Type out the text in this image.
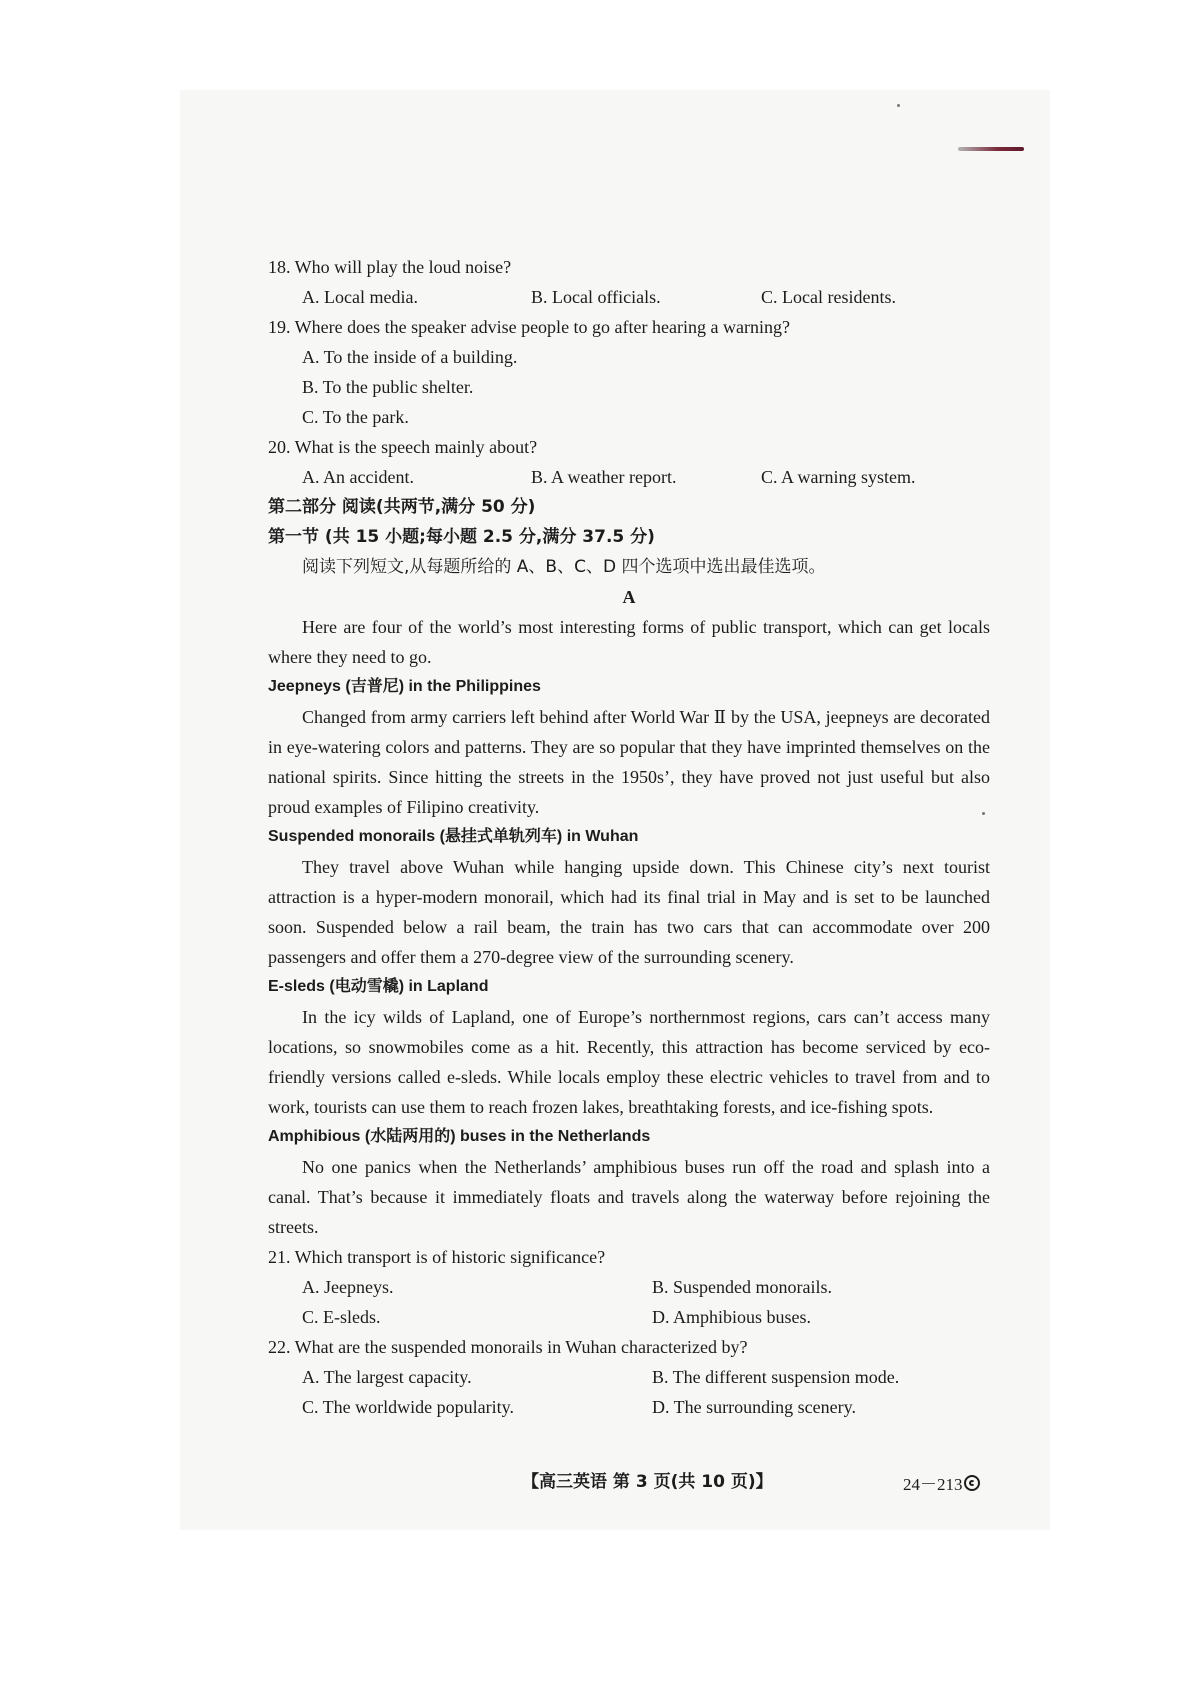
18. Who will play the loud noise?
A. Local media.	B. Local officials.	C. Local residents.
19. Where does the speaker advise people to go after hearing a warning?
A. To the inside of a building.
B. To the public shelter.
C. To the park.
20. What is the speech mainly about?
A. An accident.	B. A weather report.	C. A warning system.
第二部分 阅读(共两节,满分 50 分)
第一节 (共 15 小题;每小题 2.5 分,满分 37.5 分)
阅读下列短文,从每题所给的 A、B、C、D 四个选项中选出最佳选项。
A

Here are four of the world’s most interesting forms of public transport, which can get locals where they need to go.

Jeepneys (吉普尼) in the Philippines

Changed from army carriers left behind after World War Ⅱ by the USA, jeepneys are decorated in eye-watering colors and patterns. They are so popular that they have imprinted themselves on the national spirits. Since hitting the streets in the 1950s’, they have proved not just useful but also proud examples of Filipino creativity.

Suspended monorails (悬挂式单轨列车) in Wuhan

They travel above Wuhan while hanging upside down. This Chinese city’s next tourist attraction is a hyper-modern monorail, which had its final trial in May and is set to be launched soon. Suspended below a rail beam, the train has two cars that can accommodate over 200 passengers and offer them a 270-degree view of the surrounding scenery.

E-sleds (电动雪橇) in Lapland

In the icy wilds of Lapland, one of Europe’s northernmost regions, cars can’t access many locations, so snowmobiles come as a hit. Recently, this attraction has become serviced by eco-friendly versions called e-sleds. While locals employ these electric vehicles to travel from and to work, tourists can use them to reach frozen lakes, breathtaking forests, and ice-fishing spots.

Amphibious (水陆两用的) buses in the Netherlands

No one panics when the Netherlands’ amphibious buses run off the road and splash into a canal. That’s because it immediately floats and travels along the waterway before rejoining the streets.

21. Which transport is of historic significance?
A. Jeepneys.	B. Suspended monorails.
C. E-sleds.	D. Amphibious buses.
22. What are the suspended monorails in Wuhan characterized by?
A. The largest capacity.	B. The different suspension mode.
C. The worldwide popularity.	D. The surrounding scenery.
【高三英语 第 3 页(共 10 页)】	24－213
